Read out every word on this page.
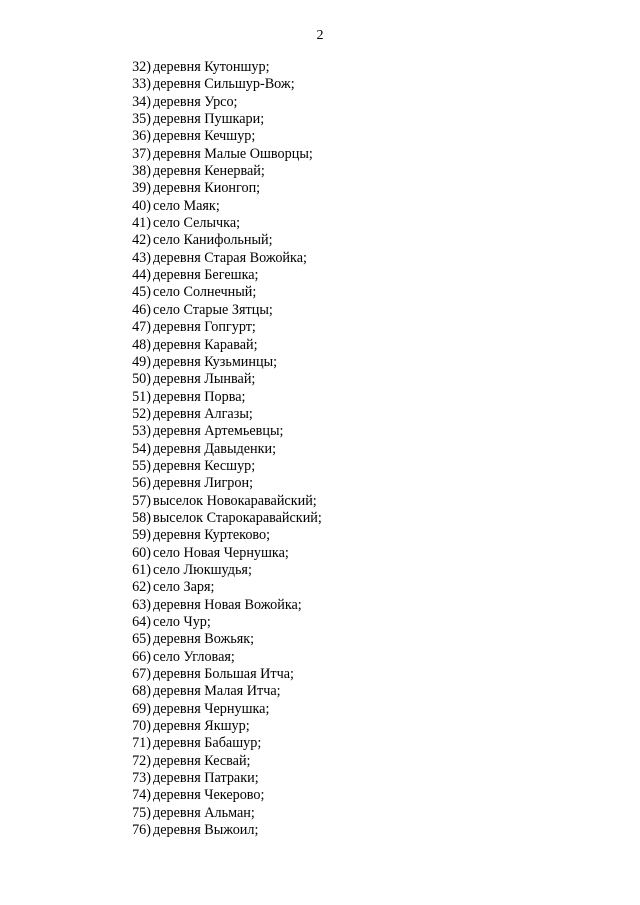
2
32) деревня Кутоншур;
33) деревня Сильшур-Вож;
34) деревня Урсо;
35) деревня Пушкари;
36) деревня Кечшур;
37) деревня Малые Ошворцы;
38) деревня Кенервай;
39) деревня Кионгоп;
40) село Маяк;
41) село Селычка;
42) село Канифольный;
43) деревня Старая Вожойка;
44) деревня Бегешка;
45) село Солнечный;
46) село Старые Зятцы;
47) деревня Гопгурт;
48) деревня Каравай;
49) деревня Кузьминцы;
50) деревня Лынвай;
51) деревня Порва;
52) деревня Алгазы;
53) деревня Артемьевцы;
54) деревня Давыденки;
55) деревня Кесшур;
56) деревня Лигрон;
57) выселок Новокаравайский;
58) выселок Старокаравайский;
59) деревня Куртеково;
60) село Новая Чернушка;
61) село Люкшудья;
62) село Заря;
63) деревня Новая Вожойка;
64) село Чур;
65) деревня Вожьяк;
66) село Угловая;
67) деревня Большая Итча;
68) деревня Малая Итча;
69) деревня Чернушка;
70) деревня Якшур;
71) деревня Бабашур;
72) деревня Кесвай;
73) деревня Патраки;
74) деревня Чекерово;
75) деревня Альман;
76) деревня Выжоил;
